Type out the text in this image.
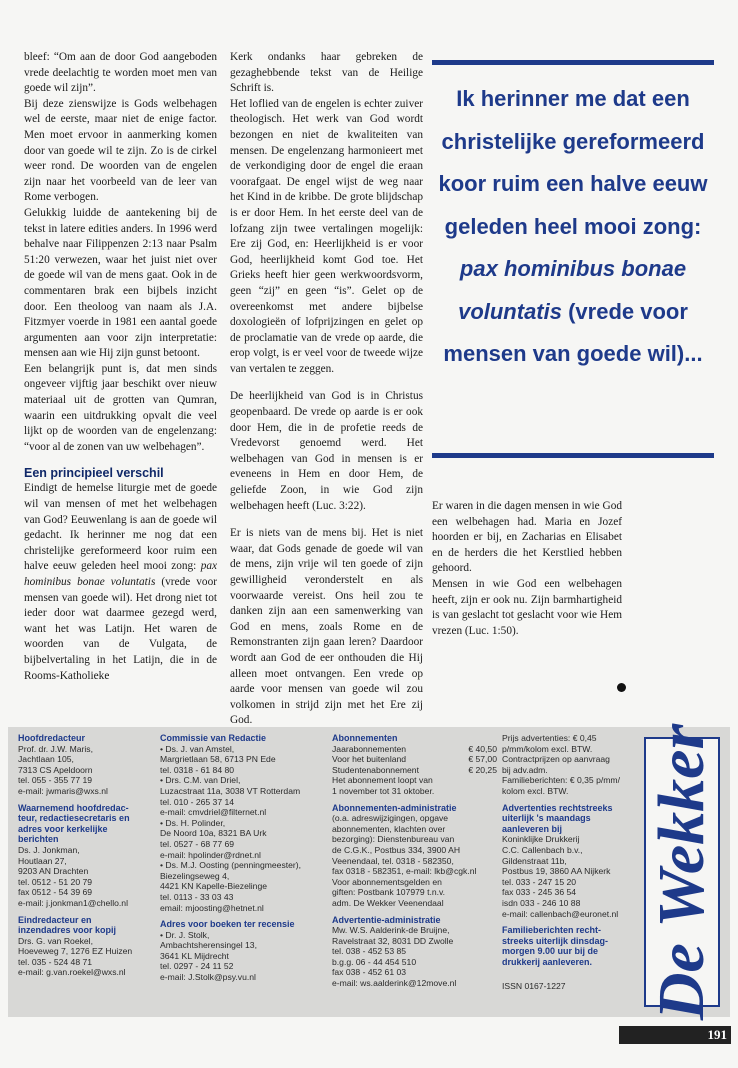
bleef: “Om aan de door God aangeboden vrede deelachtig te worden moet men van goede wil zijn”.

Bij deze zienswijze is Gods welbehagen wel de eerste, maar niet de enige factor. Men moet ervoor in aanmerking komen door van goede wil te zijn. Zo is de cirkel weer rond. De woorden van de engelen zijn naar het voorbeeld van de leer van Rome verbogen.

Gelukkig luidde de aantekening bij de tekst in latere edities anders. In 1996 werd behalve naar Filippenzen 2:13 naar Psalm 51:20 verwezen, waar het juist niet over de goede wil van de mens gaat. Ook in de commentaren brak een bijbels inzicht door. Een theoloog van naam als J.A. Fitzmyer voerde in 1981 een aantal goede argumenten aan voor zijn interpretatie: mensen aan wie Hij zijn gunst betoont.

Een belangrijk punt is, dat men sinds ongeveer vijftig jaar beschikt over nieuw materiaal uit de grotten van Qumran, waarin een uitdrukking opvalt die veel lijkt op de woorden van de engelenzang: “voor al de zonen van uw welbehagen”.

Een principieel verschil

Eindigt de hemelse liturgie met de goede wil van mensen of met het welbehagen van God? Eeuwenlang is aan de goede wil gedacht. Ik herinner me nog dat een christelijke gereformeerd koor ruim een halve eeuw geleden heel mooi zong: pax hominibus bonae voluntatis (vrede voor mensen van goede wil). Het drong niet tot ieder door wat daarmee gezegd werd, want het was Latijn. Het waren de woorden van de Vulgata, de bijbelvertaling in het Latijn, die in de Rooms-Katholieke

Kerk ondanks haar gebreken de gezaghebbende tekst van de Heilige Schrift is.

Het loflied van de engelen is echter zuiver theologisch. Het werk van God wordt bezongen en niet de kwaliteiten van mensen. De engelenzang harmonieert met de verkondiging door de engel die eraan voorafgaat. De engel wijst de weg naar het Kind in de kribbe. De grote blijdschap is er door Hem. In het eerste deel van de lofzang zijn twee vertalingen mogelijk: Ere zij God, en: Heerlijkheid is er voor God, heerlijkheid komt God toe. Het Grieks heeft hier geen werkwoordsvorm, geen “zij” en geen “is”. Gelet op de overeenkomst met andere bijbelse doxologieën of lofprijzingen en gelet op de proclamatie van de vrede op aarde, die erop volgt, is er veel voor de tweede wijze van vertalen te zeggen.

De heerlijkheid van God is in Christus geopenbaard. De vrede op aarde is er ook door Hem, die in de profetie reeds de Vredevorst genoemd werd. Het welbehagen van God in mensen is er eveneens in Hem en door Hem, de geliefde Zoon, in wie God zijn welbehagen heeft (Luc. 3:22).

Er is niets van de mens bij. Het is niet waar, dat Gods genade de goede wil van de mens, zijn vrije wil ten goede of zijn gewilligheid veronderstelt en als voorwaarde vereist. Ons heil zou te danken zijn aan een samenwerking van God en mens, zoals Rome en de Remonstranten zijn gaan leren? Daardoor wordt aan God de eer onthouden die Hij alleen moet ontvangen. Een vrede op aarde voor mensen van goede wil zou volkomen in strijd zijn met het Ere zij God.

Ik herinner me dat een christelijke gereformeerd koor ruim een halve eeuw geleden heel mooi zong: pax hominibus bonae voluntatis (vrede voor mensen van goede wil)...

Er waren in die dagen mensen in wie God een welbehagen had. Maria en Jozef hoorden er bij, en Zacharias en Elisabet en de herders die het Kerstlied hebben gehoord.

Mensen in wie God een welbehagen heeft, zijn er ook nu. Zijn barmhartigheid is van geslacht tot geslacht voor wie Hem vrezen (Luc. 1:50).

Hoofdredacteur
Prof. dr. J.W. Maris,
Jachtlaan 105,
7313 CS Apeldoorn
tel. 055 - 355 77 19
e-mail: jwmaris@wxs.nl
Waarnemend hoofdredac-
teur, redactiesecretaris en
adres voor kerkelijke
berichten
Ds. J. Jonkman,
Houtlaan 27,
9203 AN Drachten
tel. 0512 - 51 20 79
fax 0512 - 54 39 69
e-mail: j.jonkman1@chello.nl
Eindredacteur en
inzendadres voor kopij
Drs. G. van Roekel,
Hoeveweg 7, 1276 EZ Huizen
tel. 035 - 524 48 71
e-mail: g.van.roekel@wxs.nl
Commissie van Redactie
• Ds. J. van Amstel,
Margrietlaan 58, 6713 PN Ede
tel. 0318 - 61 84 80
• Drs. C.M. van Driel,
Luzacstraat 11a, 3038 VT Rotterdam
tel. 010 - 265 37 14
e-mail: cmvdriel@filternet.nl
• Ds. H. Polinder,
De Noord 10a, 8321 BA Urk
tel. 0527 - 68 77 69
e-mail: hpolinder@rdnet.nl
• Ds. M.J. Oosting (penningmeester),
Biezelingseweg 4,
4421 KN Kapelle-Biezelinge
tel. 0113 - 33 03 43
email: mjoosting@hetnet.nl
Adres voor boeken ter recensie
• Dr. J. Stolk,
Ambachtsherensingel 13,
3641 KL Mijdrecht
tel. 0297 - 24 11 52
e-mail: J.Stolk@psy.vu.nl
Abonnementen
Jaarabonnementen	€ 40,50
Voor het buitenland	€ 57,00
Studentenabonnement	€ 20,25
Het abonnement loopt van
1 november tot 31 oktober.
Abonnementen-administratie
(o.a. adreswijzigingen, opgave
abonnementen, klachten over
bezorging): Dienstenbureau van
de C.G.K., Postbus 334, 3900 AH
Veenendaal, tel. 0318 - 582350,
fax 0318 - 582351, e-mail: lkb@cgk.nl
Voor abonnementsgelden en
giften: Postbank 107979 t.n.v.
adm. De Wekker Veenendaal
Advertentie-administratie
Mw. W.S. Aalderink-de Bruijne,
Ravelstraat 32, 8031 DD Zwolle
tel. 038 - 452 53 85
b.g.g. 06 - 44 454 510
fax 038 - 452 61 03
e-mail: ws.aalderink@12move.nl
Prijs advertenties: € 0,45
p/mm/kolom excl. BTW.
Contractprijzen op aanvraag
bij adv.adm.
Familieberichten: € 0,35 p/mm/
kolom excl. BTW.
Advertenties rechtstreeks
uiterlijk 's maandags
aanleveren bij
Koninklijke Drukkerij
C.C. Callenbach b.v.,
Gildenstraat 11b,
Postbus 19, 3860 AA Nijkerk
tel. 033 - 247 15 20
fax 033 - 245 36 54
isdn 033 - 246 10 88
e-mail: callenbach@euronet.nl
Familieberichten recht-
streeks uiterlijk dinsdag-
morgen 9.00 uur bij de
drukkerij aanleveren.
ISSN 0167-1227	De Wekker
191
